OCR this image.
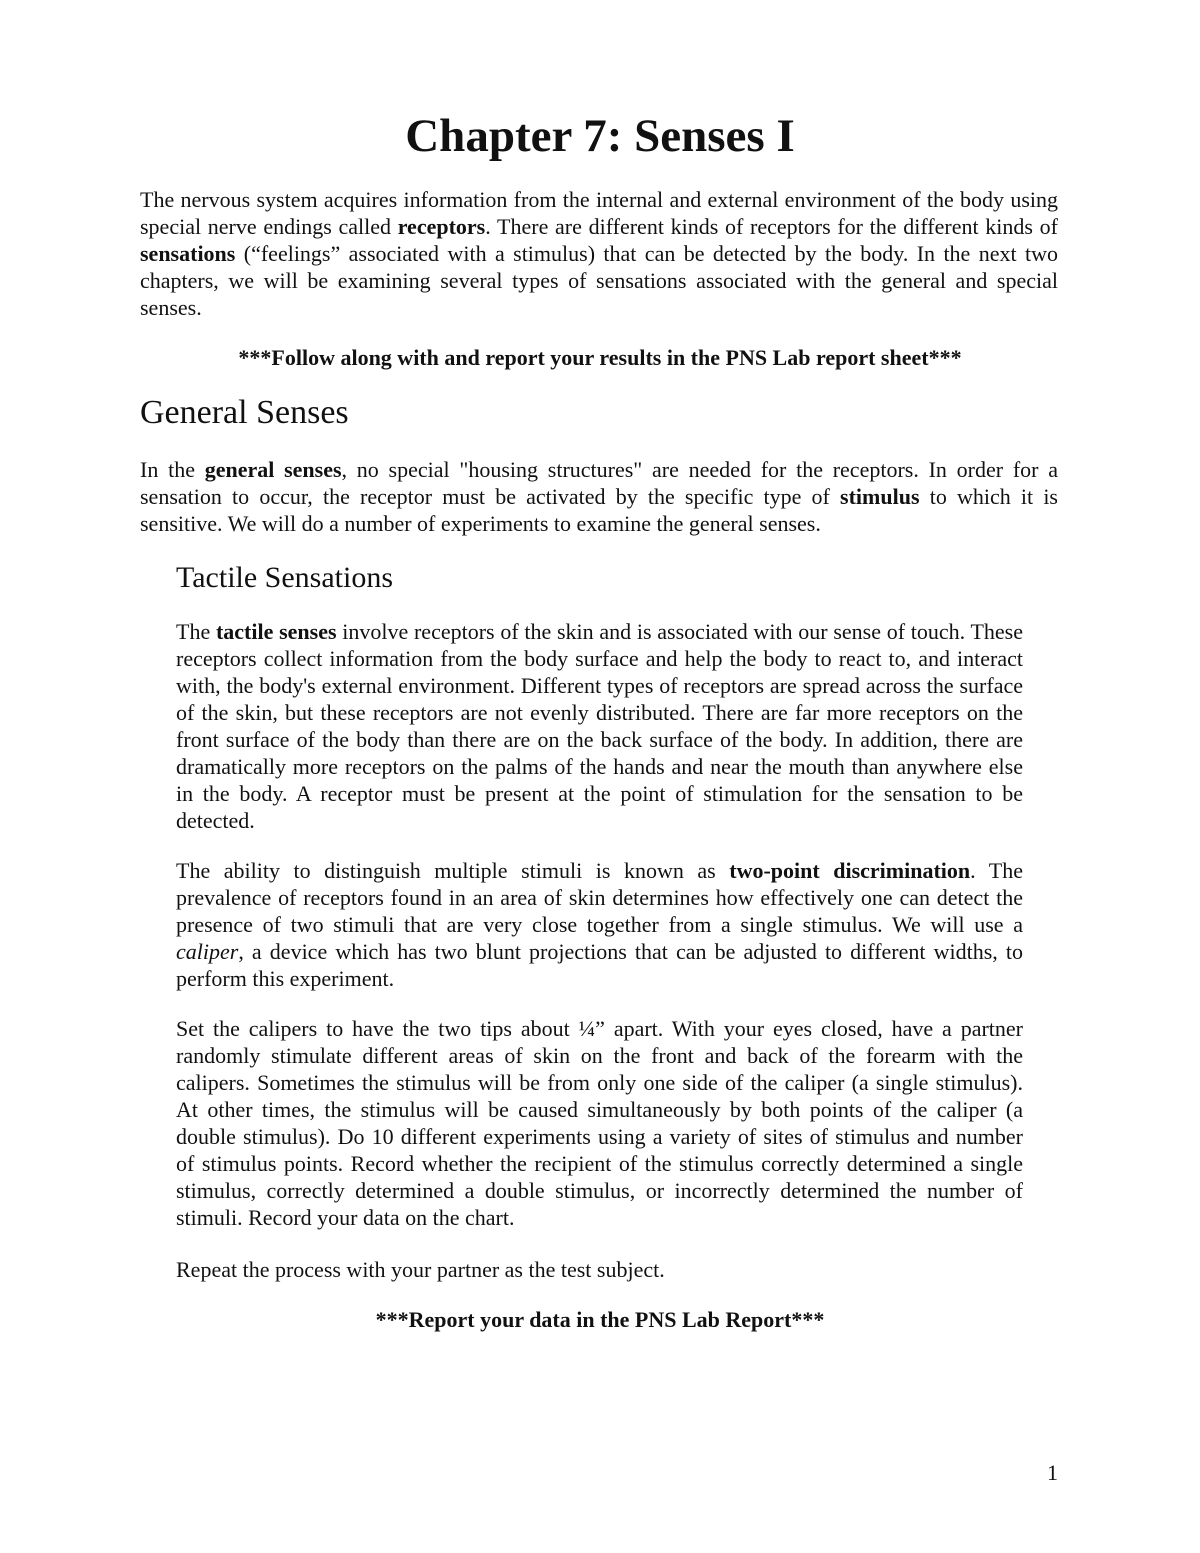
Chapter 7: Senses I

The nervous system acquires information from the internal and external environment of the body using special nerve endings called receptors. There are different kinds of receptors for the different kinds of sensations (“feelings” associated with a stimulus) that can be detected by the body. In the next two chapters, we will be examining several types of sensations associated with the general and special senses.

***Follow along with and report your results in the PNS Lab report sheet***

General Senses

In the general senses, no special "housing structures" are needed for the receptors. In order for a sensation to occur, the receptor must be activated by the specific type of stimulus to which it is sensitive. We will do a number of experiments to examine the general senses.

Tactile Sensations

The tactile senses involve receptors of the skin and is associated with our sense of touch. These receptors collect information from the body surface and help the body to react to, and interact with, the body's external environment. Different types of receptors are spread across the surface of the skin, but these receptors are not evenly distributed. There are far more receptors on the front surface of the body than there are on the back surface of the body. In addition, there are dramatically more receptors on the palms of the hands and near the mouth than anywhere else in the body. A receptor must be present at the point of stimulation for the sensation to be detected.

The ability to distinguish multiple stimuli is known as two-point discrimination. The prevalence of receptors found in an area of skin determines how effectively one can detect the presence of two stimuli that are very close together from a single stimulus. We will use a caliper, a device which has two blunt projections that can be adjusted to different widths, to perform this experiment.

Set the calipers to have the two tips about ¼” apart. With your eyes closed, have a partner randomly stimulate different areas of skin on the front and back of the forearm with the calipers. Sometimes the stimulus will be from only one side of the caliper (a single stimulus). At other times, the stimulus will be caused simultaneously by both points of the caliper (a double stimulus). Do 10 different experiments using a variety of sites of stimulus and number of stimulus points. Record whether the recipient of the stimulus correctly determined a single stimulus, correctly determined a double stimulus, or incorrectly determined the number of stimuli. Record your data on the chart.

Repeat the process with your partner as the test subject.

***Report your data in the PNS Lab Report***

1
